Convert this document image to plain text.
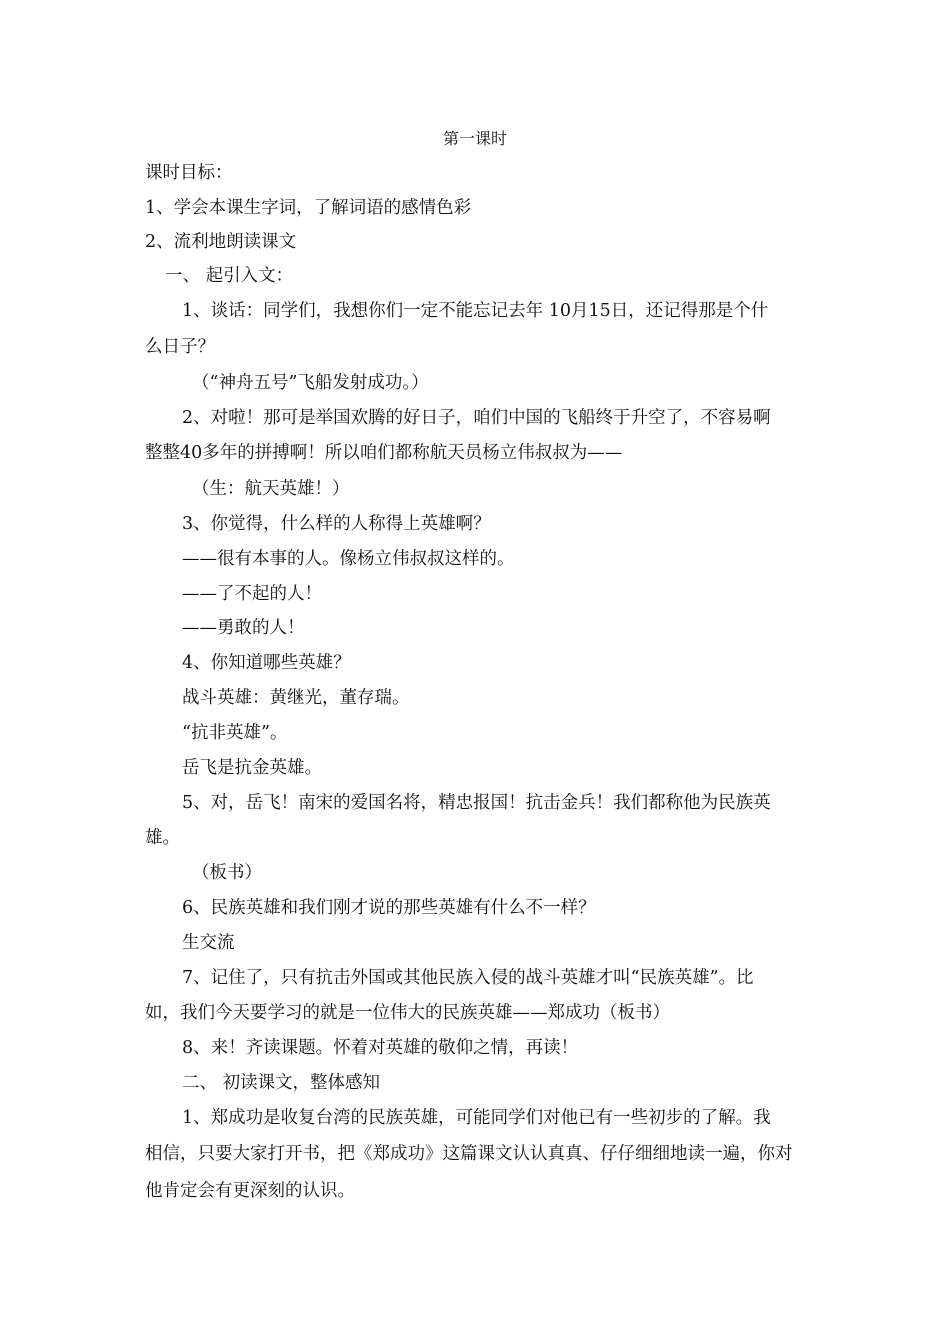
第一课时
课时目标：
1、学会本课生字词，了解词语的感情色彩
2、流利地朗读课文
一、 起引入文：
1、谈话：同学们，我想你们一定不能忘记去年 10月15日，还记得那是个什
么日子？
（“神舟五号”飞船发射成功。）
2、对啦！那可是举国欢腾的好日子，咱们中国的飞船终于升空了，不容易啊
整整40多年的拼搏啊！所以咱们都称航天员杨立伟叔叔为——
（生：航天英雄！）
3、你觉得，什么样的人称得上英雄啊？
——很有本事的人。像杨立伟叔叔这样的。
——了不起的人！
——勇敢的人！
4、你知道哪些英雄？
战斗英雄：黄继光，董存瑞。
“抗非英雄”。
岳飞是抗金英雄。
5、对，岳飞！南宋的爱国名将，精忠报国！抗击金兵！我们都称他为民族英
雄。
（板书）
6、民族英雄和我们刚才说的那些英雄有什么不一样？
生交流
7、记住了，只有抗击外国或其他民族入侵的战斗英雄才叫“民族英雄”。比
如，我们今天要学习的就是一位伟大的民族英雄——郑成功（板书）
8、来！齐读课题。怀着对英雄的敬仰之情，再读！
二、 初读课文，整体感知
1、郑成功是收复台湾的民族英雄，可能同学们对他已有一些初步的了解。我
相信，只要大家打开书，把《郑成功》这篇课文认认真真、仔仔细细地读一遍，你对
他肯定会有更深刻的认识。
